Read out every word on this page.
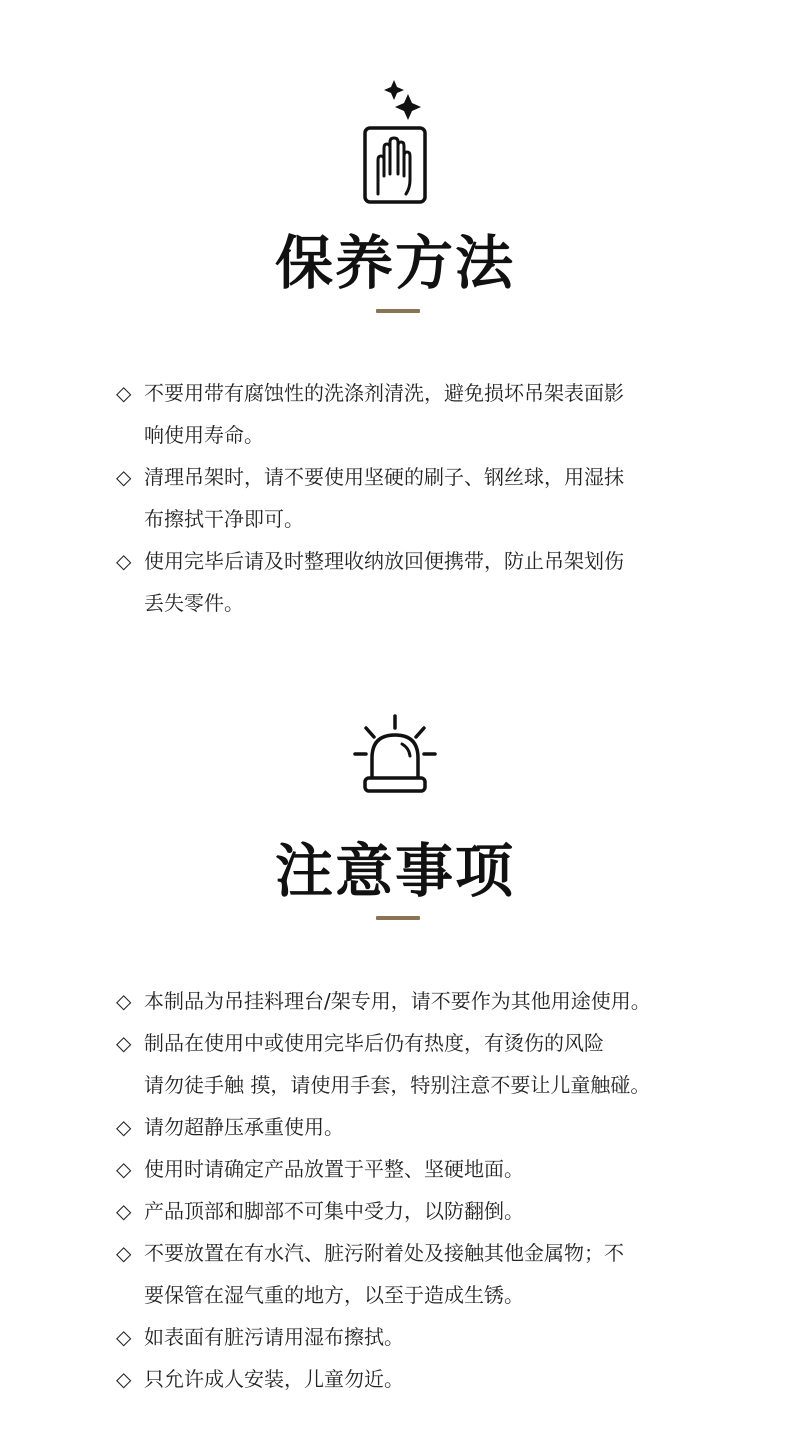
保养方法
◇ 不要用带有腐蚀性的洗涤剂清洗，避免损坏吊架表面影
响使用寿命。
◇ 清理吊架时，请不要使用坚硬的刷子、钢丝球，用湿抹
布擦拭干净即可。
◇ 使用完毕后请及时整理收纳放回便携带，防止吊架划伤
丢失零件。
注意事项
◇ 本制品为吊挂料理台/架专用，请不要作为其他用途使用。
◇ 制品在使用中或使用完毕后仍有热度，有烫伤的风险
请勿徒手触 摸，请使用手套，特别注意不要让儿童触碰。
◇ 请勿超静压承重使用。
◇ 使用时请确定产品放置于平整、坚硬地面。
◇ 产品顶部和脚部不可集中受力，以防翻倒。
◇ 不要放置在有水汽、脏污附着处及接触其他金属物；不
要保管在湿气重的地方，以至于造成生锈。
◇ 如表面有脏污请用湿布擦拭。
◇ 只允许成人安装，儿童勿近。
